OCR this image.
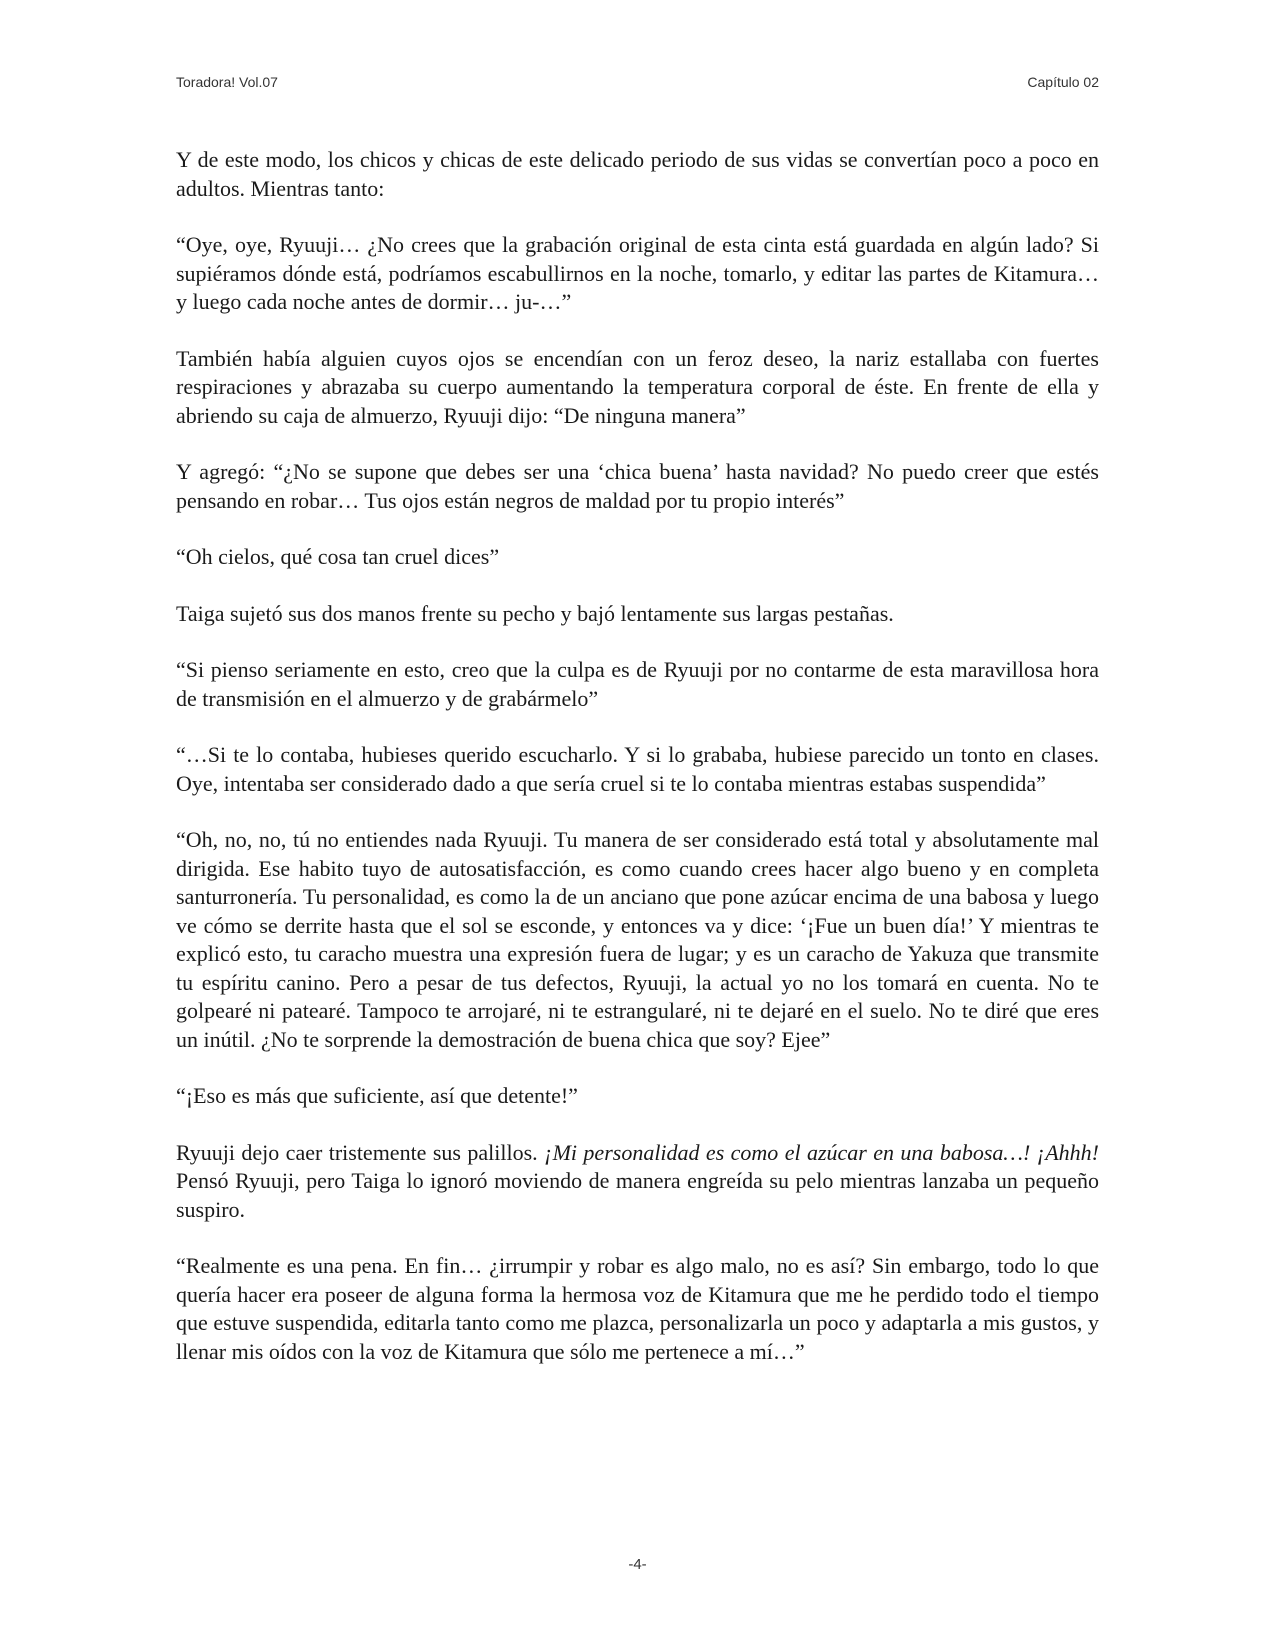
Toradora! Vol.07	Capítulo 02

Y de este modo, los chicos y chicas de este delicado periodo de sus vidas se convertían poco a poco en adultos. Mientras tanto:

“Oye, oye, Ryuuji… ¿No crees que la grabación original de esta cinta está guardada en algún lado? Si supiéramos dónde está, podríamos escabullirnos en la noche, tomarlo, y editar las partes de Kitamura… y luego cada noche antes de dormir… ju-…”

También había alguien cuyos ojos se encendían con un feroz deseo, la nariz estallaba con fuertes respiraciones y abrazaba su cuerpo aumentando la temperatura corporal de éste. En frente de ella y abriendo su caja de almuerzo, Ryuuji dijo: “De ninguna manera”

Y agregó: “¿No se supone que debes ser una ‘chica buena’ hasta navidad? No puedo creer que estés pensando en robar… Tus ojos están negros de maldad por tu propio interés”

“Oh cielos, qué cosa tan cruel dices”

Taiga sujetó sus dos manos frente su pecho y bajó lentamente sus largas pestañas.

“Si pienso seriamente en esto, creo que la culpa es de Ryuuji por no contarme de esta maravillosa hora de transmisión en el almuerzo y de grabármelo”

“…Si te lo contaba, hubieses querido escucharlo. Y si lo grababa, hubiese parecido un tonto en clases. Oye, intentaba ser considerado dado a que sería cruel si te lo contaba mientras estabas suspendida”

“Oh, no, no, tú no entiendes nada Ryuuji. Tu manera de ser considerado está total y absolutamente mal dirigida. Ese habito tuyo de autosatisfacción, es como cuando crees hacer algo bueno y en completa santurronería. Tu personalidad, es como la de un anciano que pone azúcar encima de una babosa y luego ve cómo se derrite hasta que el sol se esconde, y entonces va y dice: ‘¡Fue un buen día!’ Y mientras te explicó esto, tu caracho muestra una expresión fuera de lugar; y es un caracho de Yakuza que transmite tu espíritu canino. Pero a pesar de tus defectos, Ryuuji, la actual yo no los tomará en cuenta. No te golpearé ni patearé. Tampoco te arrojaré, ni te estrangularé, ni te dejaré en el suelo. No te diré que eres un inútil. ¿No te sorprende la demostración de buena chica que soy? Ejee”

“¡Eso es más que suficiente, así que detente!”

Ryuuji dejo caer tristemente sus palillos. ¡Mi personalidad es como el azúcar en una babosa…! ¡Ahhh! Pensó Ryuuji, pero Taiga lo ignoró moviendo de manera engreída su pelo mientras lanzaba un pequeño suspiro.

“Realmente es una pena. En fin… ¿irrumpir y robar es algo malo, no es así? Sin embargo, todo lo que quería hacer era poseer de alguna forma la hermosa voz de Kitamura que me he perdido todo el tiempo que estuve suspendida, editarla tanto como me plazca, personalizarla un poco y adaptarla a mis gustos, y llenar mis oídos con la voz de Kitamura que sólo me pertenece a mí…”

-4-
